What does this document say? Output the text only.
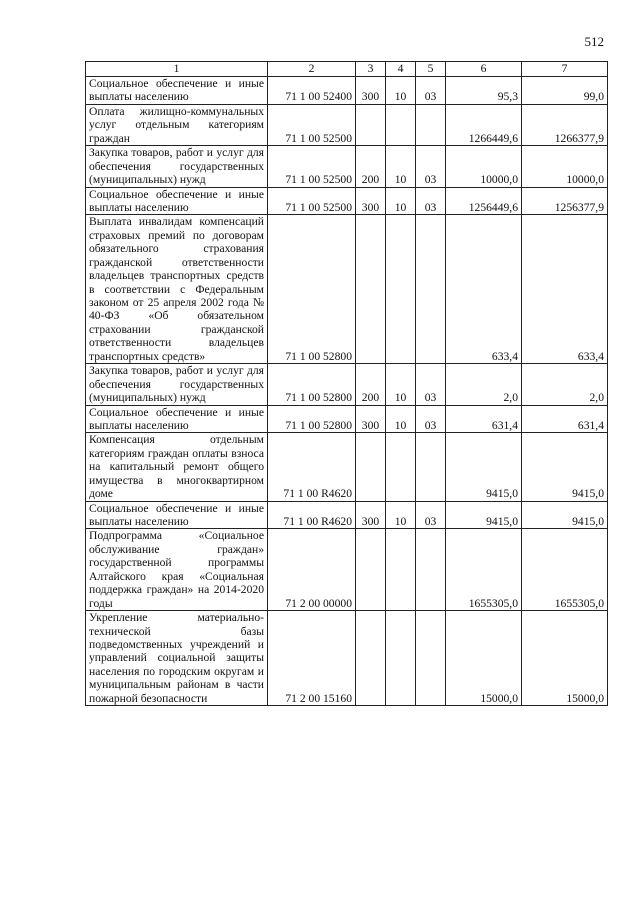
512
1	2	3	4	5	6	7
Социальное обеспечение и иные выплаты населению	71 1 00 52400	300	10	03	95,3	99,0
Оплата жилищно-коммунальных услуг отдельным категориям граждан	71 1 00 52500				1266449,6	1266377,9
Закупка товаров, работ и услуг для обеспечения государственных (муниципальных) нужд	71 1 00 52500	200	10	03	10000,0	10000,0
Социальное обеспечение и иные выплаты населению	71 1 00 52500	300	10	03	1256449,6	1256377,9
Выплата инвалидам компенсаций страховых премий по договорам обязательного страхования гражданской ответственности владельцев транспортных средств в соответствии с Федеральным законом от 25 апреля 2002 года № 40-ФЗ «Об обязательном страховании гражданской ответственности владельцев транспортных средств»	71 1 00 52800				633,4	633,4
Закупка товаров, работ и услуг для обеспечения государственных (муниципальных) нужд	71 1 00 52800	200	10	03	2,0	2,0
Социальное обеспечение и иные выплаты населению	71 1 00 52800	300	10	03	631,4	631,4
Компенсация отдельным категориям граждан оплаты взноса на капитальный ремонт общего имущества в многоквартирном доме	71 1 00 R4620				9415,0	9415,0
Социальное обеспечение и иные выплаты населению	71 1 00 R4620	300	10	03	9415,0	9415,0
Подпрограмма «Социальное обслуживание граждан» государственной программы Алтайского края «Социальная поддержка граждан» на 2014-2020 годы	71 2 00 00000				1655305,0	1655305,0
Укрепление материально-технической базы подведомственных учреждений и управлений социальной защиты населения по городским округам и муниципальным районам в части пожарной безопасности	71 2 00 15160				15000,0	15000,0
